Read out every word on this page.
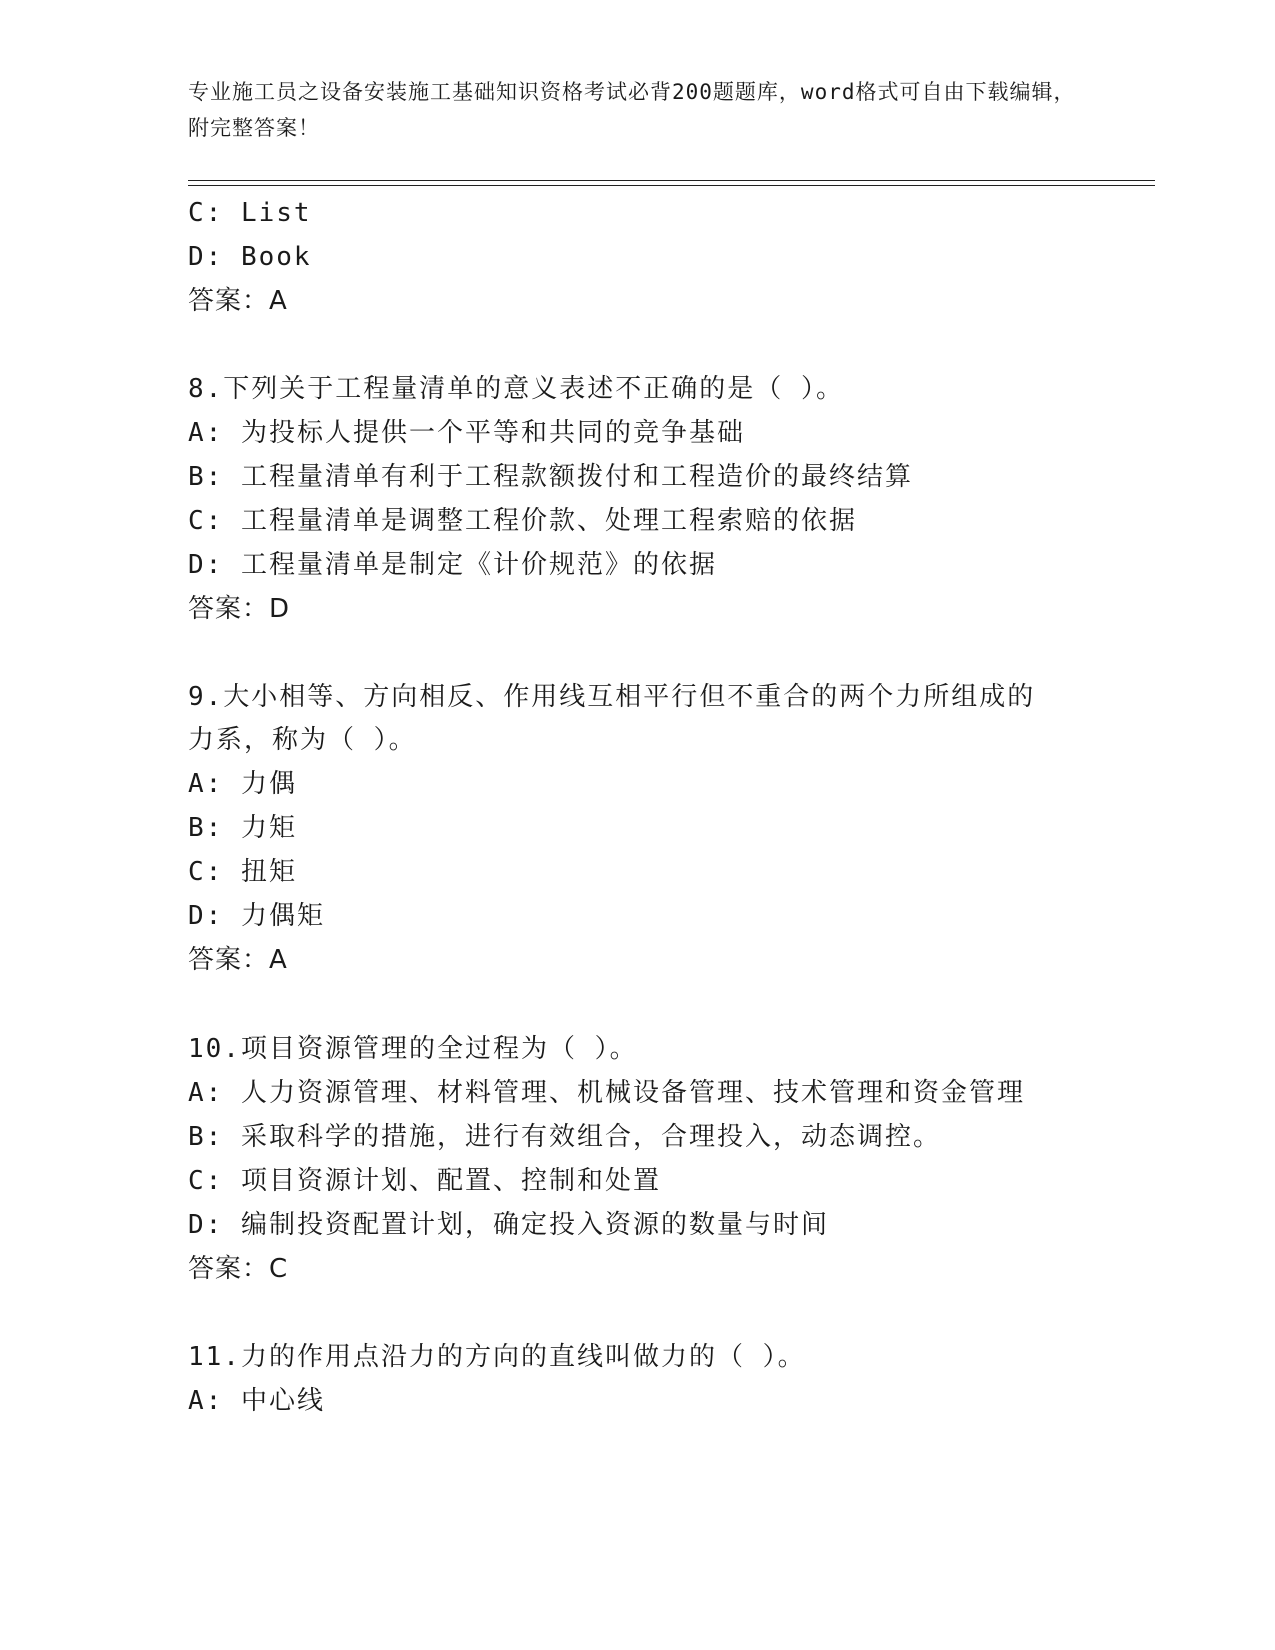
专业施工员之设备安装施工基础知识资格考试必背200题题库，word格式可自由下载编辑，附完整答案！
C: List
D: Book
答案：A
8.下列关于工程量清单的意义表述不正确的是（ ）。
A: 为投标人提供一个平等和共同的竞争基础
B: 工程量清单有利于工程款额拨付和工程造价的最终结算
C: 工程量清单是调整工程价款、处理工程索赔的依据
D: 工程量清单是制定《计价规范》的依据
答案：D
9.大小相等、方向相反、作用线互相平行但不重合的两个力所组成的
力系，称为（ ）。
A: 力偶
B: 力矩
C: 扭矩
D: 力偶矩
答案：A
10.项目资源管理的全过程为（ ）。
A: 人力资源管理、材料管理、机械设备管理、技术管理和资金管理
B: 采取科学的措施，进行有效组合，合理投入，动态调控。
C: 项目资源计划、配置、控制和处置
D: 编制投资配置计划，确定投入资源的数量与时间
答案：C
11.力的作用点沿力的方向的直线叫做力的（ ）。
A: 中心线
